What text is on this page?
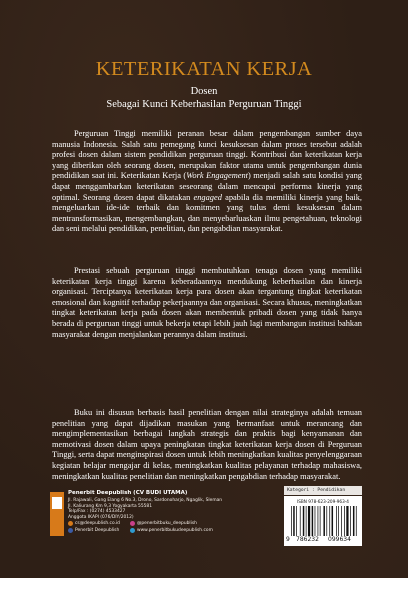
KETERIKATAN KERJA
Dosen
Sebagai Kunci Keberhasilan Perguruan Tinggi

Perguruan Tinggi memiliki peranan besar dalam pengembangan sumber daya manusia Indonesia. Salah satu pemegang kunci kesuksesan dalam proses tersebut adalah profesi dosen dalam sistem pendidikan perguruan tinggi. Kontribusi dan keterikatan kerja yang diberikan oleh seorang dosen, merupakan faktor utama untuk pengembangan dunia pendidikan saat ini. Keterikatan Kerja (Work Engagement) menjadi salah satu kondisi yang dapat menggambarkan keterikatan seseorang dalam mencapai performa kinerja yang optimal. Seorang dosen dapat dikatakan engaged apabila dia memiliki kinerja yang baik, mengeluarkan ide-ide terbaik dan komitmen yang tulus demi kesuksesan dalam mentransformasikan, mengembangkan, dan menyebarluaskan ilmu pengetahuan, teknologi dan seni melalui pendidikan, penelitian, dan pengabdian masyarakat.

Prestasi sebuah perguruan tinggi membutuhkan tenaga dosen yang memiliki keterikatan kerja tinggi karena keberadaannya mendukung keberhasilan dan kinerja organisasi. Terciptanya keterikatan kerja para dosen akan tergantung tingkat keterikatan emosional dan kognitif terhadap pekerjaannya dan organisasi. Secara khusus, meningkatkan tingkat keterikatan kerja pada dosen akan membentuk pribadi dosen yang tidak hanya berada di perguruan tinggi untuk bekerja tetapi lebih jauh lagi membangun institusi bahkan masyarakat dengan menjalankan perannya dalam institusi.

Buku ini disusun berbasis hasil penelitian dengan nilai strateginya adalah temuan penelitian yang dapat dijadikan masukan yang bermanfaat untuk merancang dan mengimplementasikan berbagai langkah strategis dan praktis bagi kenyamanan dan memotivasi dosen dalam upaya peningkatan tingkat keterikatan kerja dosen di Perguruan Tinggi, serta dapat menginspirasi dosen untuk lebih meningkatkan kualitas penyelenggaraan kegiatan belajar mengajar di kelas, meningkatkan kualitas pelayanan terhadap mahasiswa, meningkatkan kualitas penelitian dan meningkatkan pengabdian terhadap masyarakat.

Penerbit Deepublish (CV BUDI UTAMA)
Jl. Rajawali, Gang Elang 6 No.3, Drono, Sardonoharjo, Ngaglik, Sleman
Jl. Kaliurang Km 9,3 Yogyakarta 55581
Telp/Fax : (0274) 4533427
Anggota IKAPI (076/DIY/2012)
cs@deepublish.co.id	@penerbitbuku_deepublish
Penerbit Deepublish	www.penerbitbukudeepublish.com
Kategori : Pendidikan
ISBN 978-623-209-963-4
9 786232 099634
